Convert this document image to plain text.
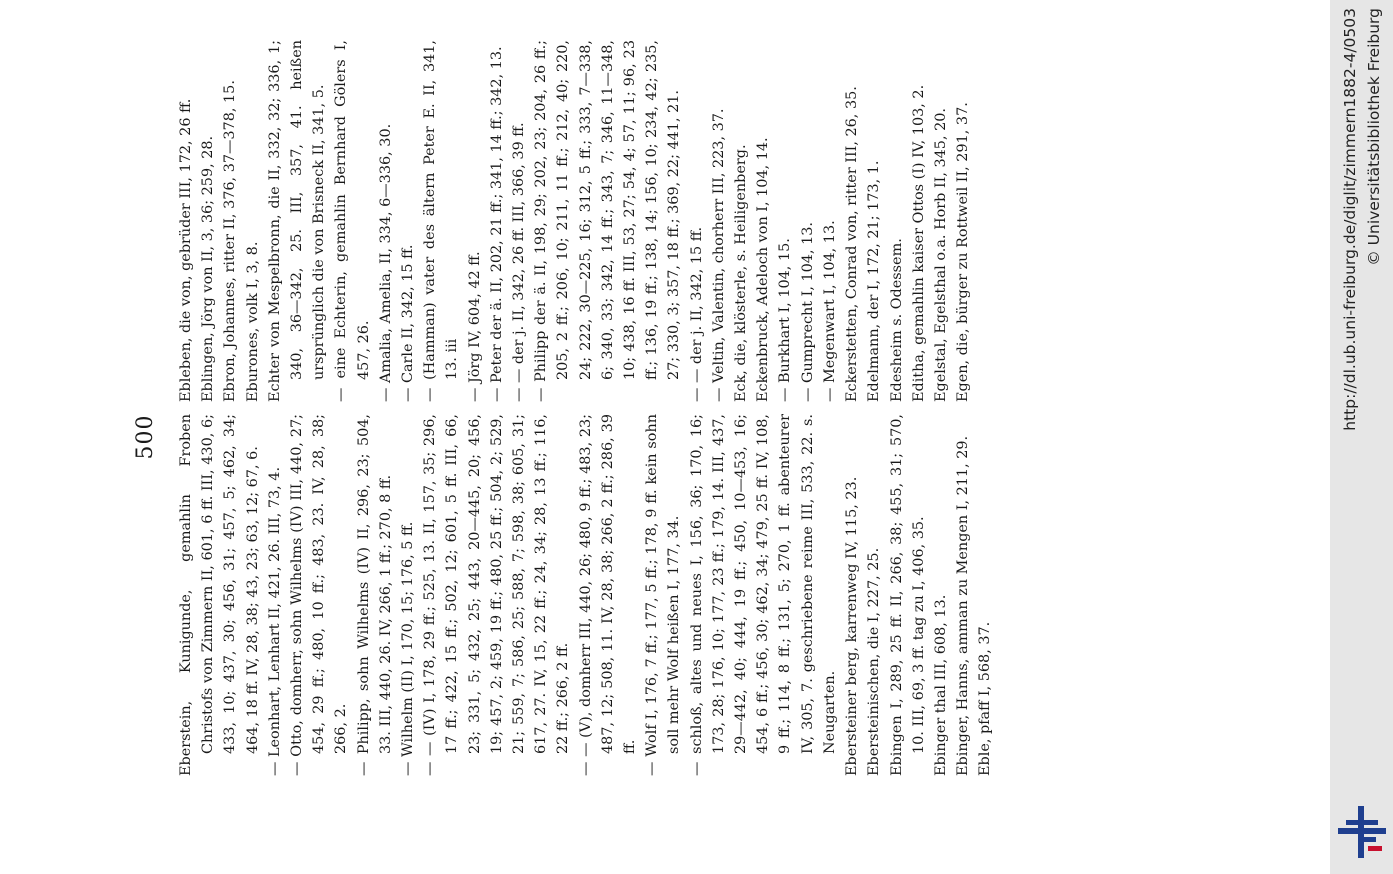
500 Eberstein, Kunigunde, gemahlin Froben Christofs von Zimmern II, 601, 6 ff. III, 430, 6; 433, 10; 437, 30; 456, 31; 457, 5; 462, 34; 464, 18 ff. IV, 28, 38; 43, 23; 63, 12; 67, 6. — Leonhart, Lenhart II, 421, 26. III, 73, 4. — Otto, domherr, sohn Wilhelms (IV) III, 440, 27; 454, 29 ff.; 480, 10 ff.; 483, 23. IV, 28, 38; 266, 2. — Philipp, sohn Wilhelms (IV) II, 296, 23; 504, 33. III, 440, 26. IV, 266, 1 ff.; 270, 8 ff. — Wilhelm (II) I, 170, 15; 176, 5 ff. — — (IV) I, 178, 29 ff.; 525, 13. II, 157, 35; 296, 17 ff.; 422, 15 ff.; 502, 12; 601, 5 ff. III, 66, 23; 331, 5; 432, 25; 443, 20—445, 20; 456, 19; 457, 2; 459, 19 ff.; 480, 25 ff.; 504, 2; 529, 21; 559, 7; 586, 25; 588, 7; 598, 38; 605, 31; 617, 27. IV, 15, 22 ff.; 24, 34; 28, 13 ff.; 116, 22 ff.; 266, 2 ff. — — (V), domherr III, 440, 26; 480, 9 ff.; 483, 23; 487, 12; 508, 11. IV, 28, 38; 266, 2 ff.; 286, 39 ff. — Wolf I, 176, 7 ff.; 177, 5 ff.; 178, 9 ff. kein sohn soll mehr Wolf heißen I, 177, 34. — schloß, altes und neues I, 156, 36; 170, 16; 173, 28; 176, 10; 177, 23 ff.; 179, 14. III, 437, 29—442, 40; 444, 19 ff.; 450, 10—453, 16; 454, 6 ff.; 456, 30; 462, 34; 479, 25 ff. IV, 108, 9 ff.; 114, 8 ff.; 131, 5; 270, 1 ff. abenteurer IV, 305, 7. geschriebene reime III, 533, 22. s. Neugarten. Ebersteiner berg, karrenweg IV, 115, 23. Ebersteinischen, die I, 227, 25. Ebingen I, 289, 25 ff. II, 266, 38; 455, 31; 570, 10. III, 69, 3 ff. tag zu I, 406, 35. Ebinger thal III, 608, 13. Ebinger, Hanns, amman zu Mengen I, 211, 29. Eble, pfaff I, 568, 37.
Ebleben, die von, gebrüder III, 172, 26 ff. Eblingen, Jörg von II, 3, 36; 259, 28. Ebron, Johannes, ritter II, 376, 37—378, 15. Eburones, volk I, 3, 8. Echter von Mespelbronn, die II, 332, 32; 336, 1; 340, 36—342, 25. III, 357, 41. heißen ursprünglich die von Brisneck II, 341, 5. — eine Echterin, gemahlin Bernhard Gölers I, 457, 26. — Amalia, Amelia, II, 334, 6—336, 30. — Carle II, 342, 15 ff. — (Hamman) vater des ältern Peter E. II, 341, 13. iii — Jörg IV, 604, 42 ff. — Peter der ä. II, 202, 21 ff.; 341, 14 ff.; 342, 13. — — der j. II, 342, 26 ff. III, 366, 39 ff. — Philipp der ä. II, 198, 29; 202, 23; 204, 26 ff.; 205, 2 ff.; 206, 10; 211, 11 ff.; 212, 40; 220, 24; 222, 30—225, 16; 312, 5 ff.; 333, 7—338, 6; 340, 33; 342, 14 ff.; 343, 7; 346, 11—348, 10; 438, 16 ff. III, 53, 27; 54, 4; 57, 11; 96, 23 ff.; 136, 19 ff.; 138, 14; 156, 10; 234, 42; 235, 27; 330, 3; 357, 18 ff.; 369, 22; 441, 21. — — der j. II, 342, 15 ff. — Veltin, Valentin, chorherr III, 223, 37. Eck, die, klösterle, s. Heiligenberg. Eckenbruck, Adeloch von I, 104, 14. — Burkhart I, 104, 15. — Gumprecht I, 104, 13. — Megenwart I, 104, 13. Eckerstetten, Conrad von, ritter III, 26, 35. Edelmann, der I, 172, 21; 173, 1. Edesheim s. Odessem. Editha, gemahlin kaiser Ottos (I) IV, 103, 2. Egelstal, Egelsthal o.a. Horb II, 345, 20. Egen, die, bürger zu Rottweil II, 291, 37.	http://dl.ub.uni-freiburg.de/diglit/zimmern1882-4/0503 © Universitätsbibliothek Freiburg
